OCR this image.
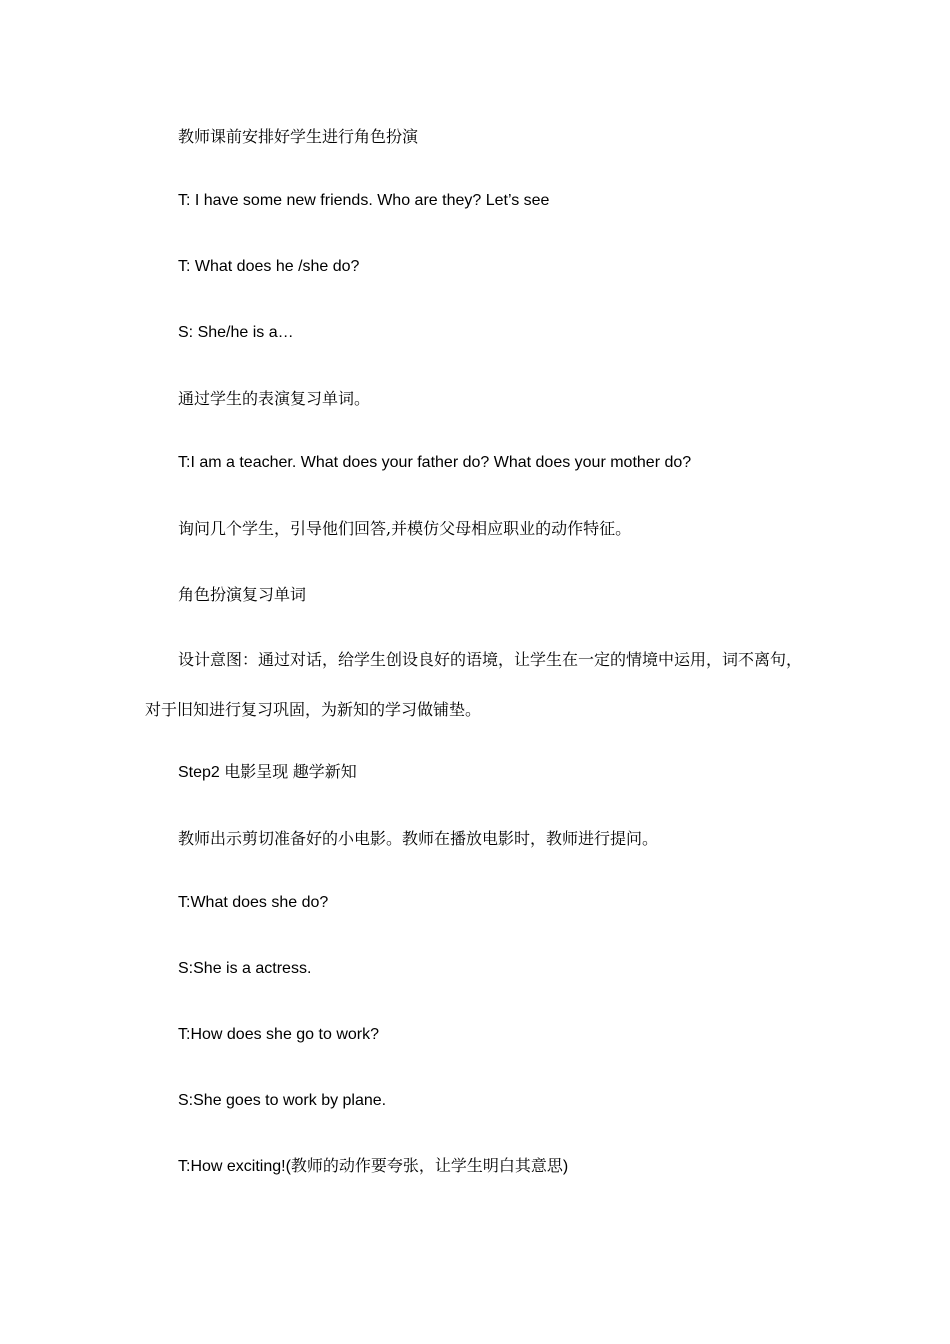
教师课前安排好学生进行角色扮演
T: I have some new friends. Who are they? Let’s see
T: What does he /she do?
S: She/he is a…
通过学生的表演复习单词。
T:I am a teacher. What does your father do? What does your mother do?
询问几个学生，引导他们回答,并模仿父母相应职业的动作特征。
角色扮演复习单词
设计意图：通过对话，给学生创设良好的语境，让学生在一定的情境中运用，词不离句，
对于旧知进行复习巩固，为新知的学习做铺垫。
Step2 电影呈现 趣学新知
教师出示剪切准备好的小电影。教师在播放电影时，教师进行提问。
T:What does she do?
S:She is a actress.
T:How does she go to work?
S:She goes to work by plane.
T:How exciting!(教师的动作要夸张，让学生明白其意思)
